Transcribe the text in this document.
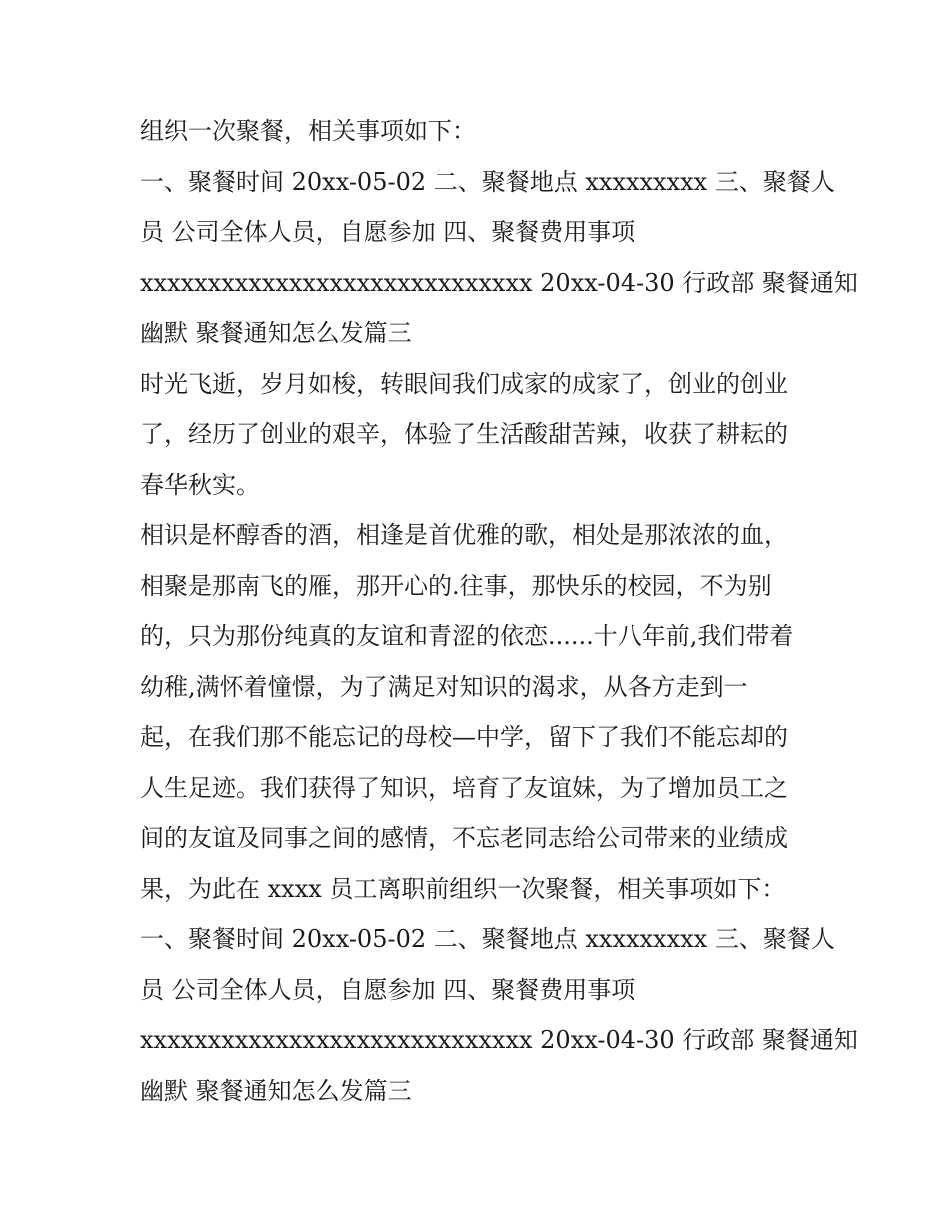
组织一次聚餐，相关事项如下：
一、聚餐时间 20xx-05-02 二、聚餐地点 xxxxxxxxx 三、聚餐人
员 公司全体人员，自愿参加 四、聚餐费用事项
xxxxxxxxxxxxxxxxxxxxxxxxxxxxx 20xx-04-30 行政部 聚餐通知
幽默 聚餐通知怎么发篇三
时光飞逝，岁月如梭，转眼间我们成家的成家了，创业的创业
了，经历了创业的艰辛，体验了生活酸甜苦辣，收获了耕耘的
春华秋实。
相识是杯醇香的酒，相逢是首优雅的歌，相处是那浓浓的血，
相聚是那南飞的雁，那开心的.往事，那快乐的校园，不为别
的，只为那份纯真的友谊和青涩的依恋......十八年前,我们带着
幼稚,满怀着憧憬，为了满足对知识的渴求，从各方走到一
起，在我们那不能忘记的母校—中学，留下了我们不能忘却的
人生足迹。我们获得了知识，培育了友谊妹，为了增加员工之
间的友谊及同事之间的感情，不忘老同志给公司带来的业绩成
果，为此在 xxxx 员工离职前组织一次聚餐，相关事项如下：
一、聚餐时间 20xx-05-02 二、聚餐地点 xxxxxxxxx 三、聚餐人
员 公司全体人员，自愿参加 四、聚餐费用事项
xxxxxxxxxxxxxxxxxxxxxxxxxxxxx 20xx-04-30 行政部 聚餐通知
幽默 聚餐通知怎么发篇三
